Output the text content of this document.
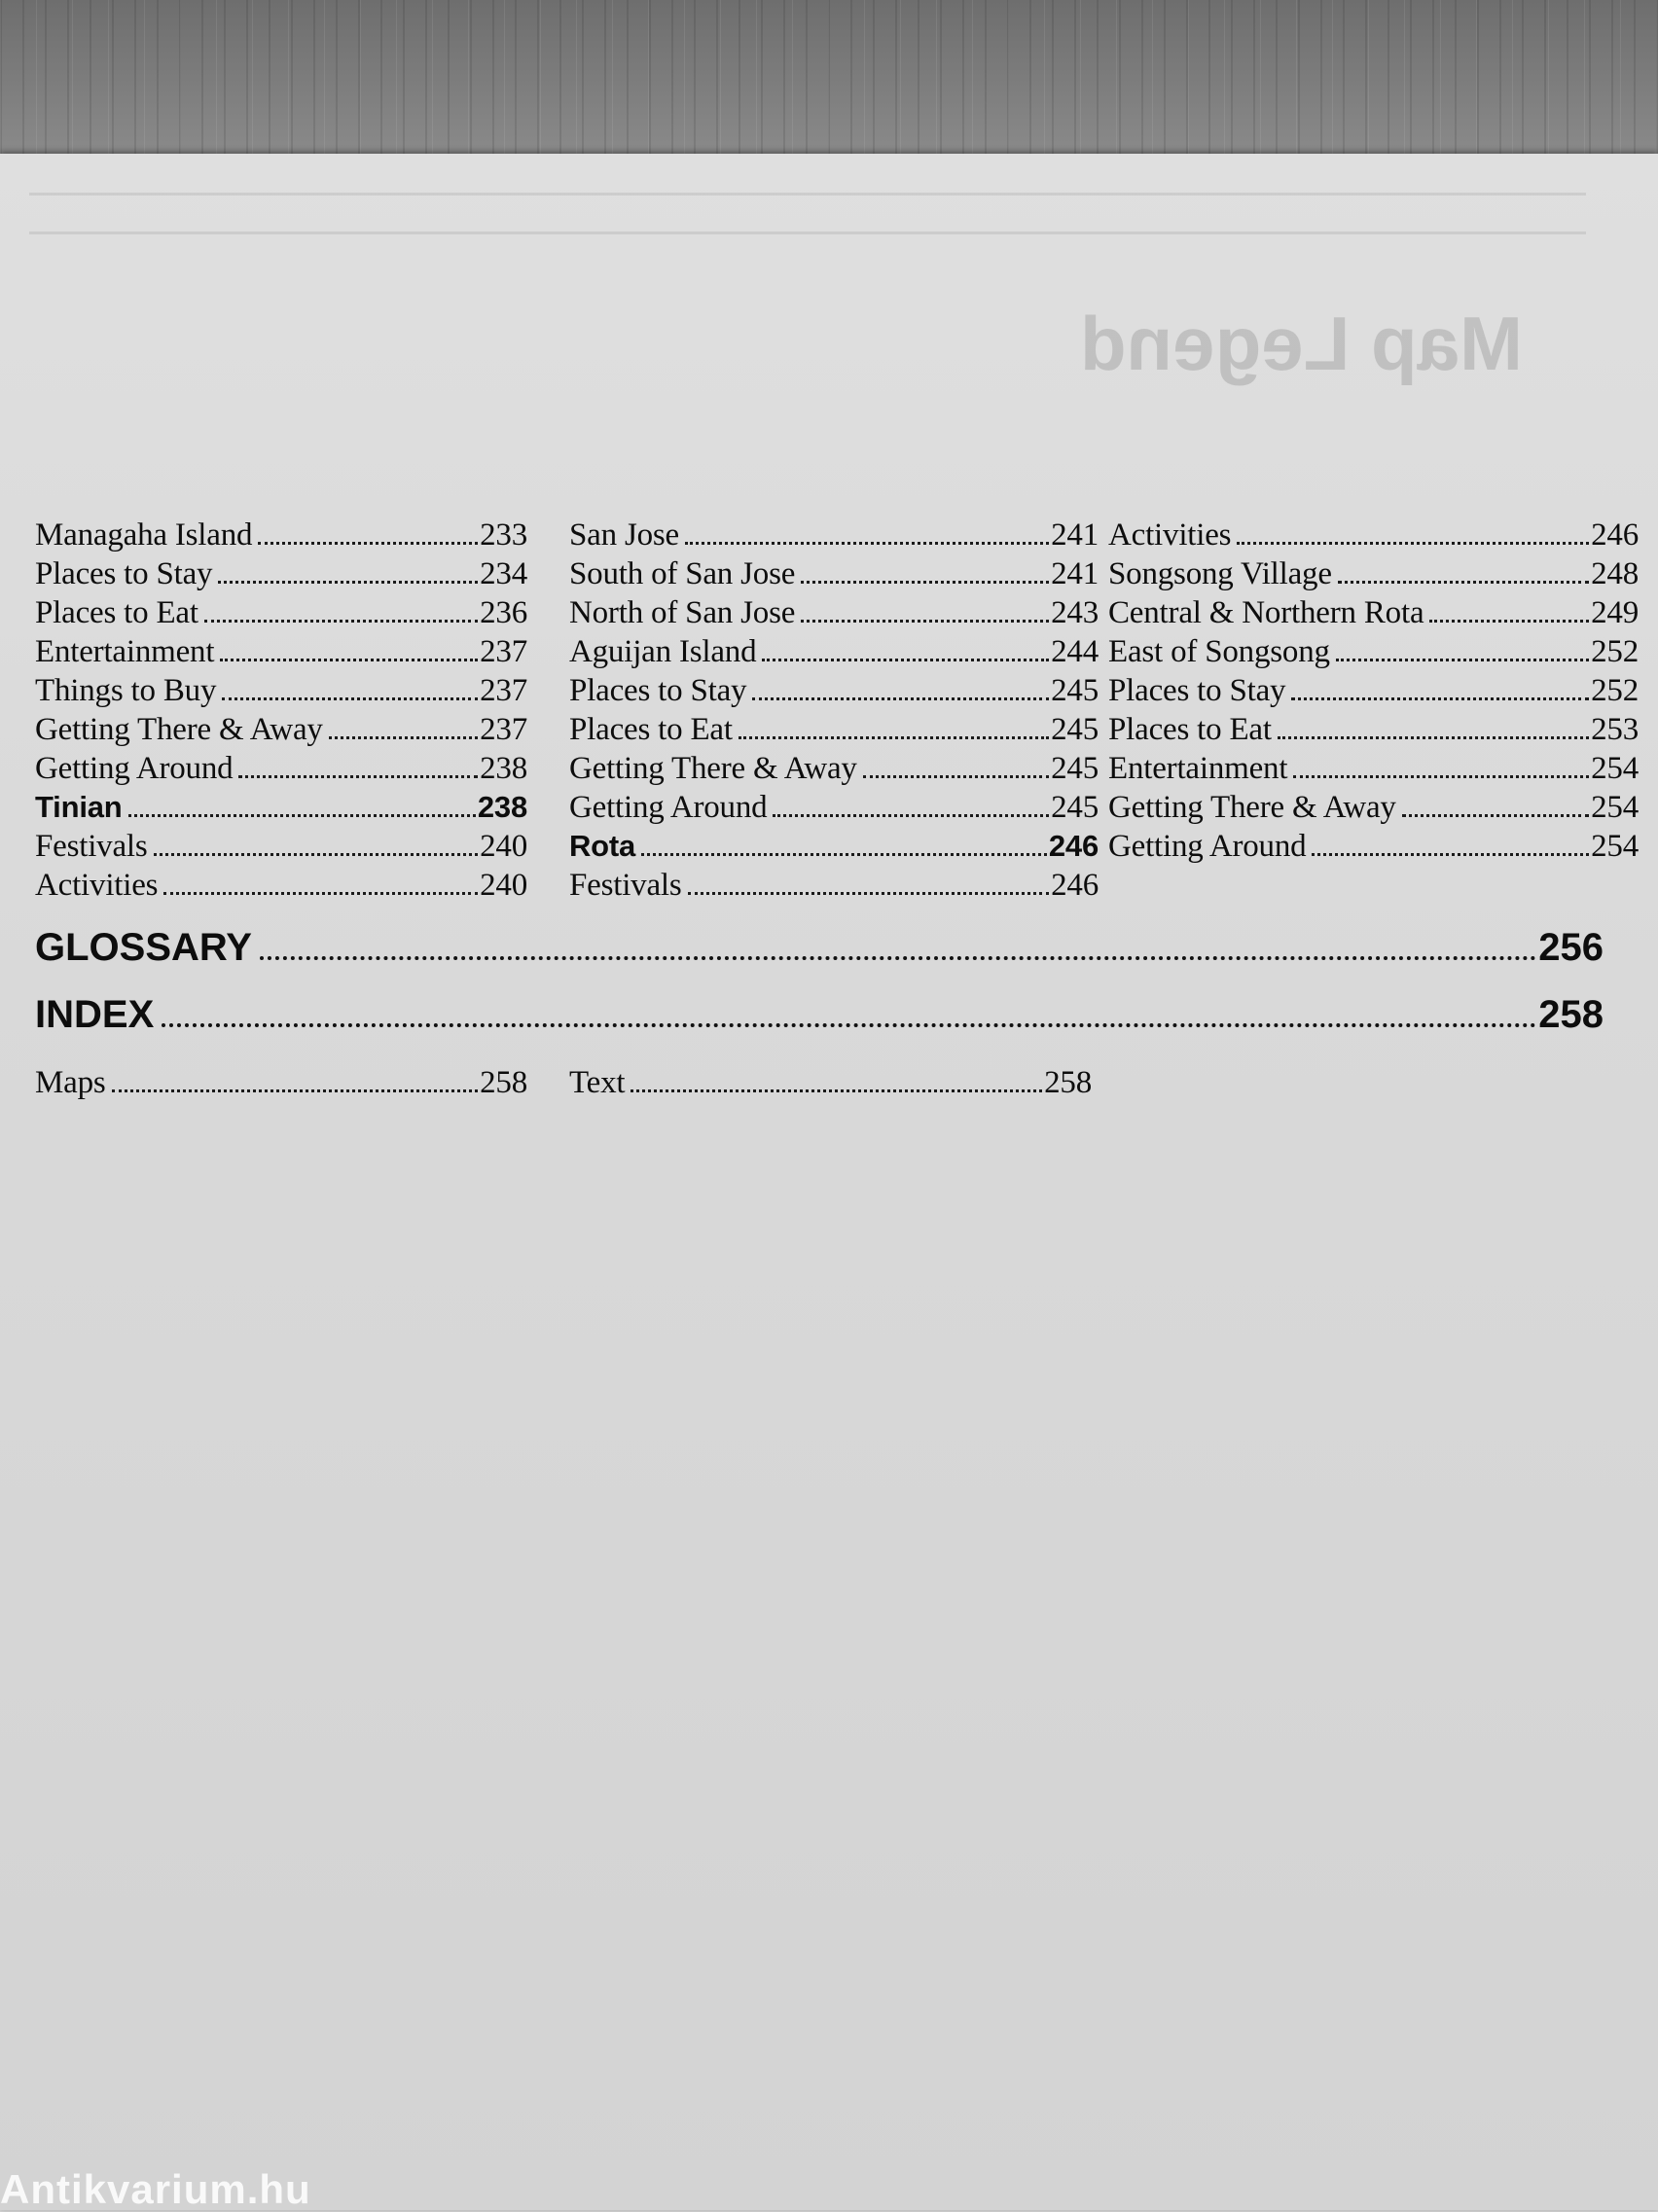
Map Legend
Managaha Island	233
Places to Stay	234
Places to Eat	236
Entertainment	237
Things to Buy	237
Getting There & Away	237
Getting Around	238
Tinian	238
Festivals	240
Activities	240
San Jose	241
South of San Jose	241
North of San Jose	243
Aguijan Island	244
Places to Stay	245
Places to Eat	245
Getting There & Away	245
Getting Around	245
Rota	246
Festivals	246
Activities	246
Songsong Village	248
Central & Northern Rota	249
East of Songsong	252
Places to Stay	252
Places to Eat	253
Entertainment	254
Getting There & Away	254
Getting Around	254
GLOSSARY	256
INDEX	258
Maps	258 Text	258
Antikvarium.hu
